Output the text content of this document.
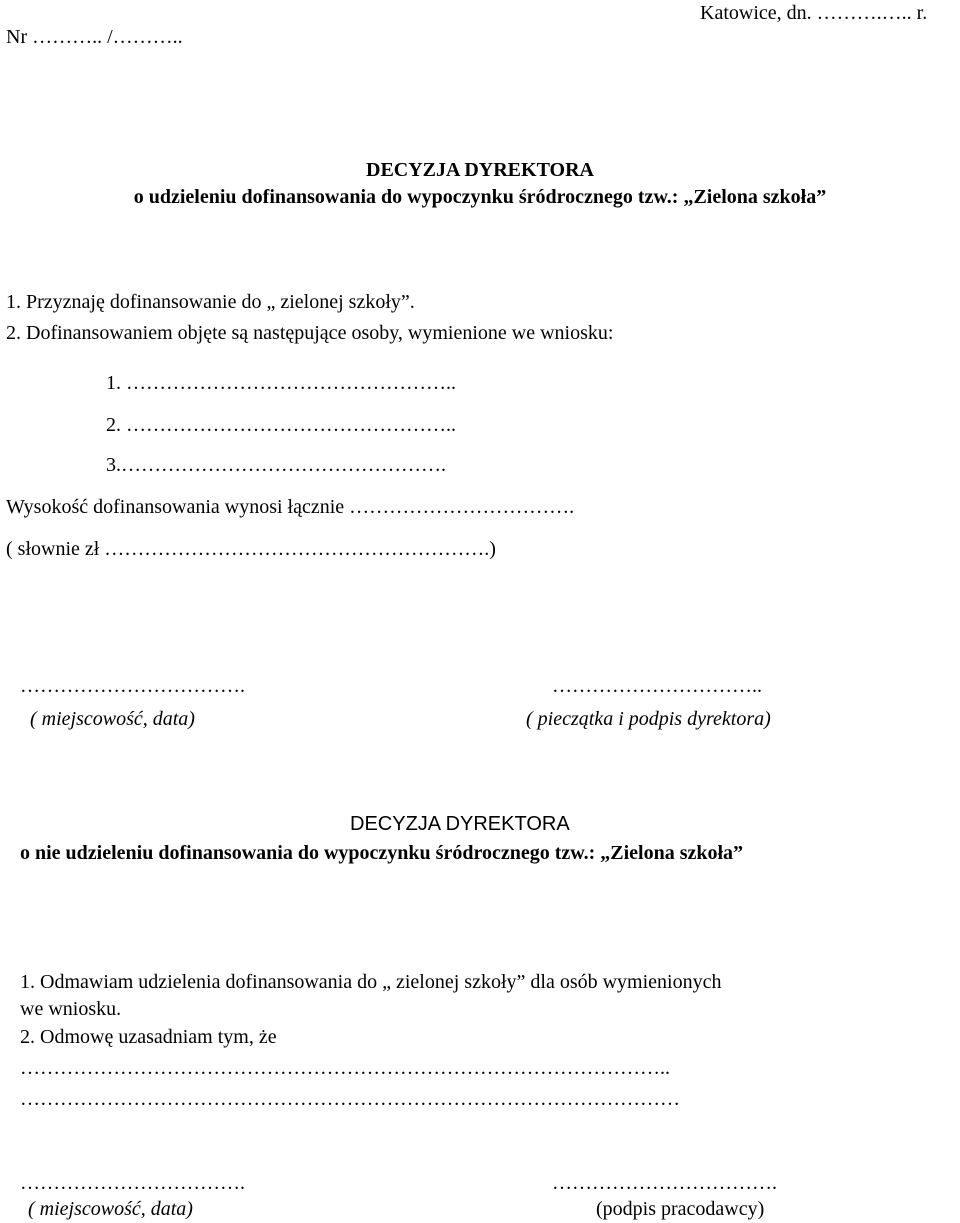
Nr ……….. /………..
Katowice, dn. ……….….. r.
DECYZJA DYREKTORA
o udzieleniu dofinansowania do wypoczynku śródrocznego tzw.: „Zielona szkoła”
1. Przyznaję dofinansowanie do „ zielonej szkoły”.
2. Dofinansowaniem objęte są następujące osoby, wymienione we wniosku:
1. …………………………………………..
2. …………………………………………..
3.………………………………………….
Wysokość dofinansowania wynosi łącznie …………………………….
( słownie zł ………………………………………………….)
…………………………….
( miejscowość, data)
…………………………..
( pieczątka i podpis dyrektora)
DECYZJA DYREKTORA
o nie udzieleniu dofinansowania do wypoczynku śródrocznego tzw.: „Zielona szkoła”
1. Odmawiam udzielenia dofinansowania do „ zielonej szkoły” dla osób wymienionych
we wniosku.
2. Odmowę uzasadniam tym, że
……………………………………………………………………………………..
………………………………………………………………………………………
…………………………….
( miejscowość, data)
…………………………….
(podpis pracodawcy)
